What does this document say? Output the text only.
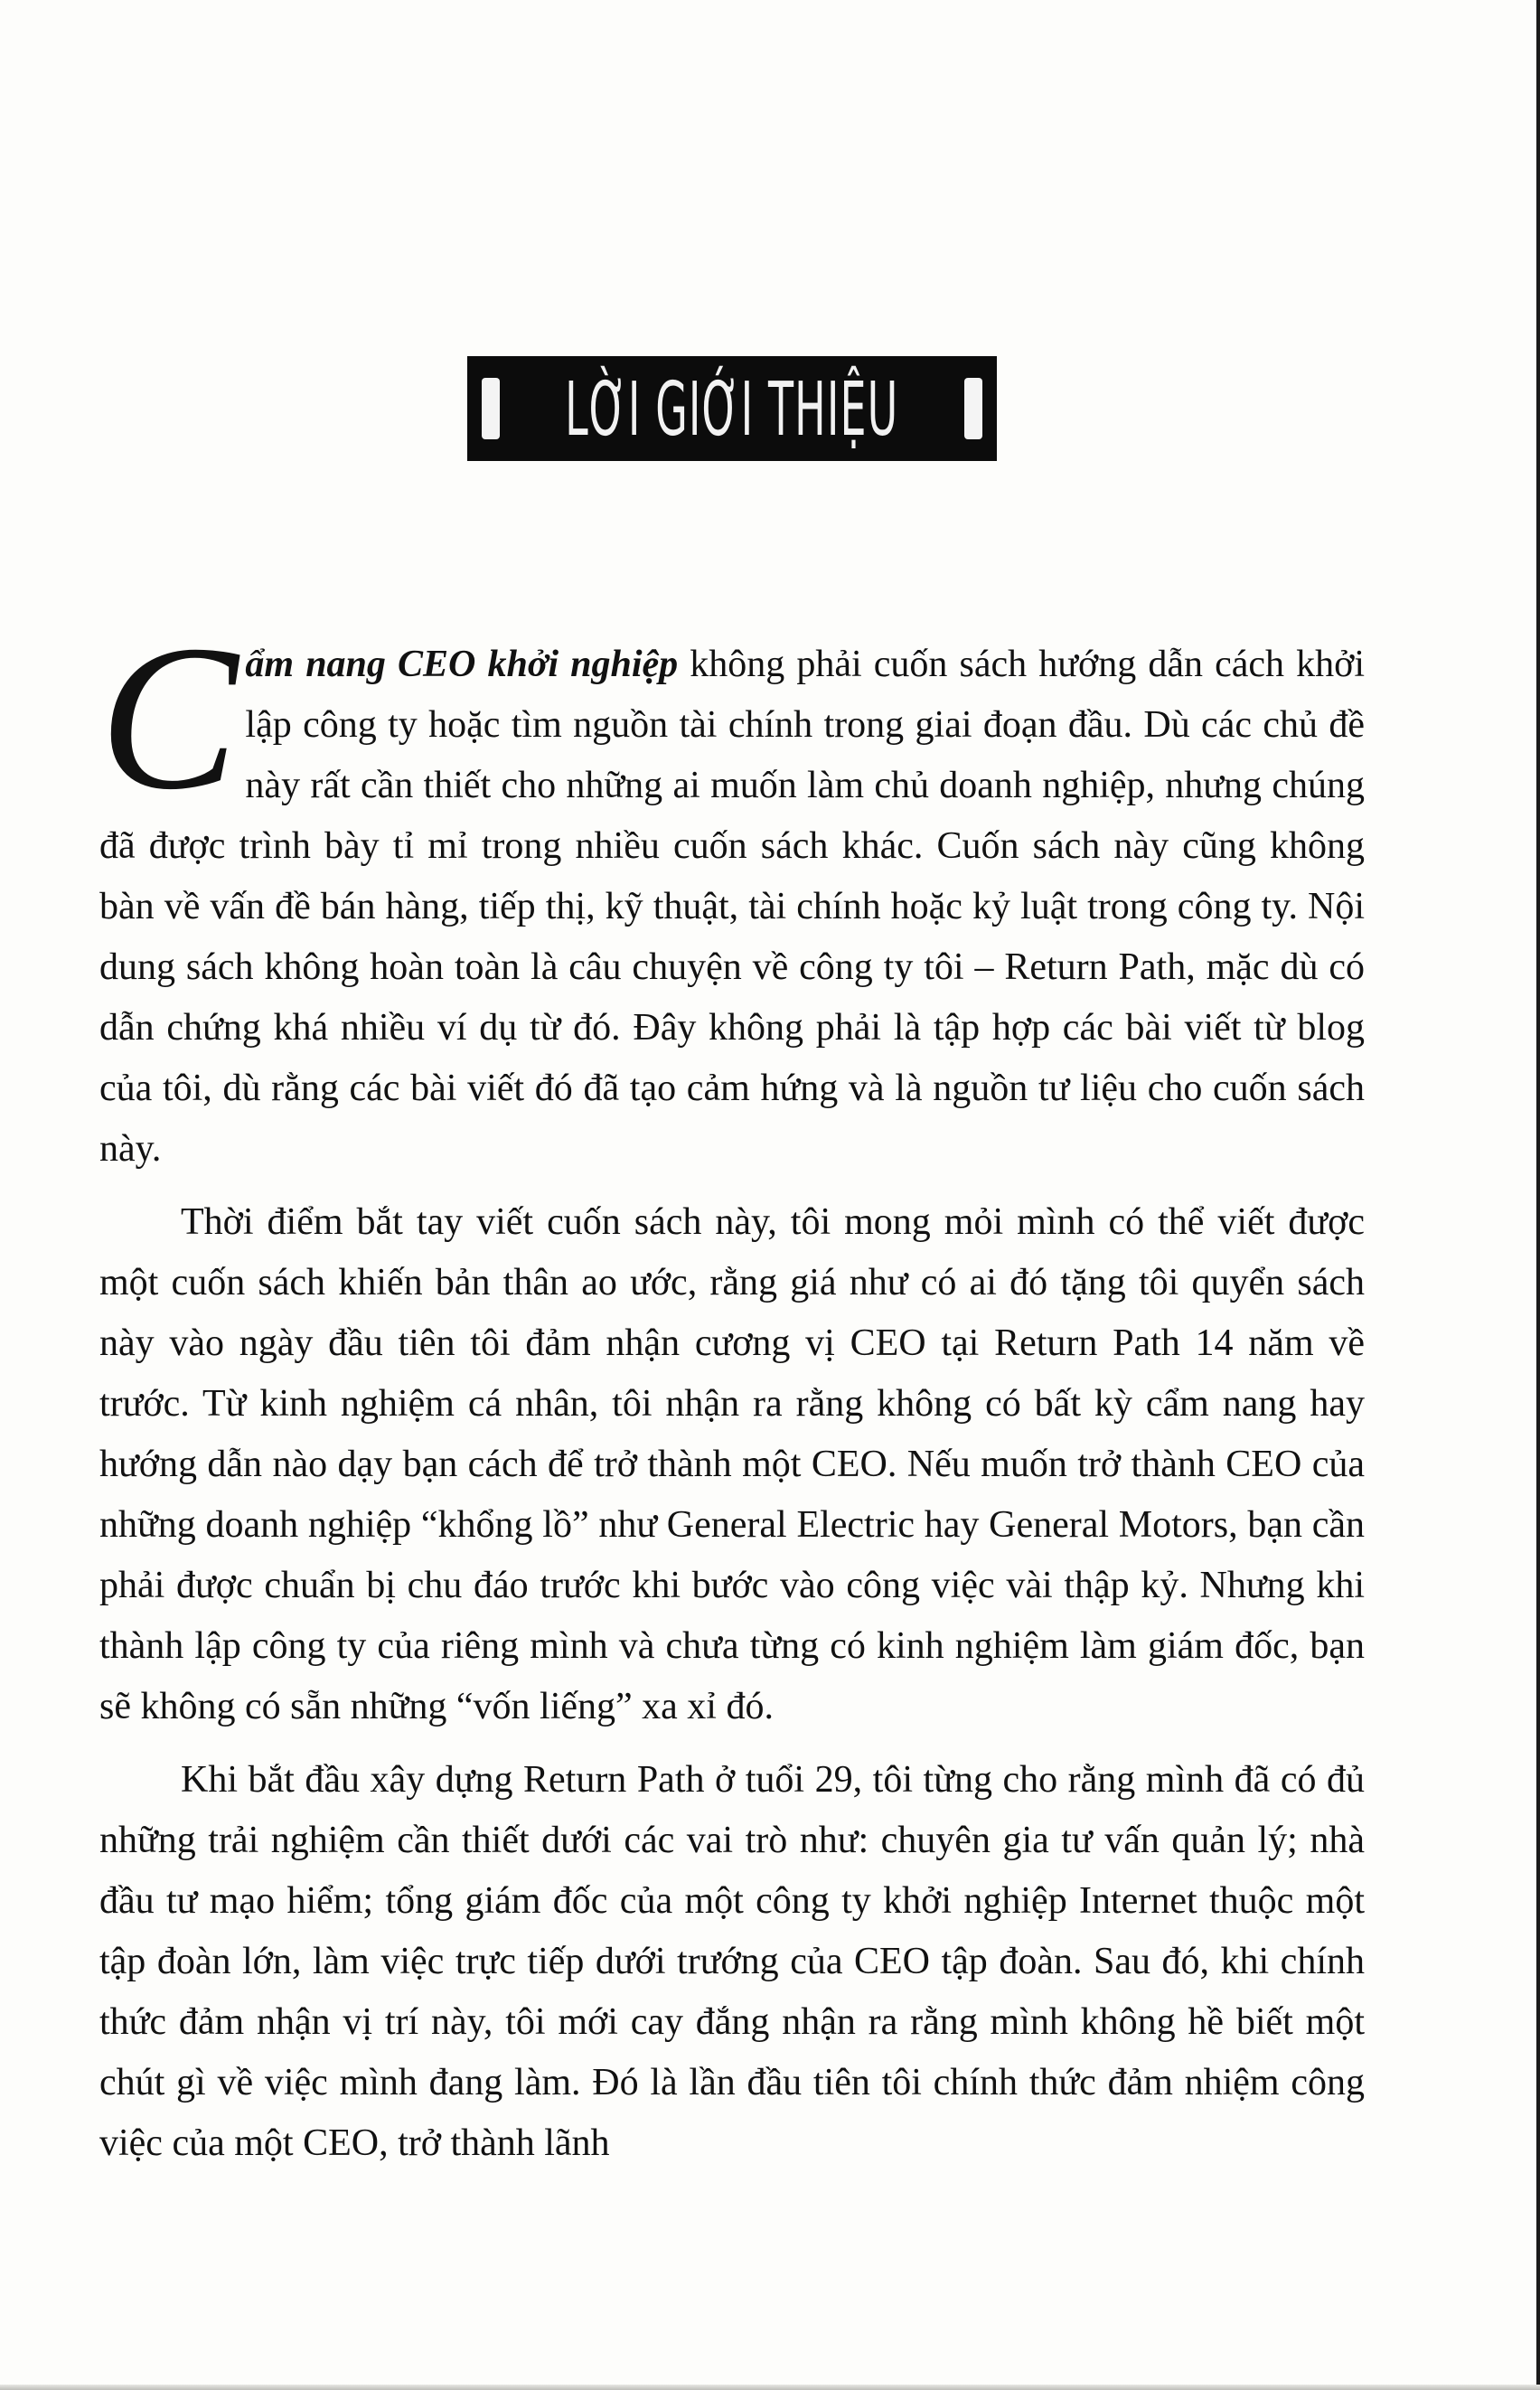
LỜI GIỚI THIỆU

Cẩm nang CEO khởi nghiệp không phải cuốn sách hướng dẫn cách khởi lập công ty hoặc tìm nguồn tài chính trong giai đoạn đầu. Dù các chủ đề này rất cần thiết cho những ai muốn làm chủ doanh nghiệp, nhưng chúng đã được trình bày tỉ mỉ trong nhiều cuốn sách khác. Cuốn sách này cũng không bàn về vấn đề bán hàng, tiếp thị, kỹ thuật, tài chính hoặc kỷ luật trong công ty. Nội dung sách không hoàn toàn là câu chuyện về công ty tôi – Return Path, mặc dù có dẫn chứng khá nhiều ví dụ từ đó. Đây không phải là tập hợp các bài viết từ blog của tôi, dù rằng các bài viết đó đã tạo cảm hứng và là nguồn tư liệu cho cuốn sách này.

Thời điểm bắt tay viết cuốn sách này, tôi mong mỏi mình có thể viết được một cuốn sách khiến bản thân ao ước, rằng giá như có ai đó tặng tôi quyển sách này vào ngày đầu tiên tôi đảm nhận cương vị CEO tại Return Path 14 năm về trước. Từ kinh nghiệm cá nhân, tôi nhận ra rằng không có bất kỳ cẩm nang hay hướng dẫn nào dạy bạn cách để trở thành một CEO. Nếu muốn trở thành CEO của những doanh nghiệp “khổng lồ” như General Electric hay General Motors, bạn cần phải được chuẩn bị chu đáo trước khi bước vào công việc vài thập kỷ. Nhưng khi thành lập công ty của riêng mình và chưa từng có kinh nghiệm làm giám đốc, bạn sẽ không có sẵn những “vốn liếng” xa xỉ đó.

Khi bắt đầu xây dựng Return Path ở tuổi 29, tôi từng cho rằng mình đã có đủ những trải nghiệm cần thiết dưới các vai trò như: chuyên gia tư vấn quản lý; nhà đầu tư mạo hiểm; tổng giám đốc của một công ty khởi nghiệp Internet thuộc một tập đoàn lớn, làm việc trực tiếp dưới trướng của CEO tập đoàn. Sau đó, khi chính thức đảm nhận vị trí này, tôi mới cay đắng nhận ra rằng mình không hề biết một chút gì về việc mình đang làm. Đó là lần đầu tiên tôi chính thức đảm nhiệm công việc của một CEO, trở thành lãnh
